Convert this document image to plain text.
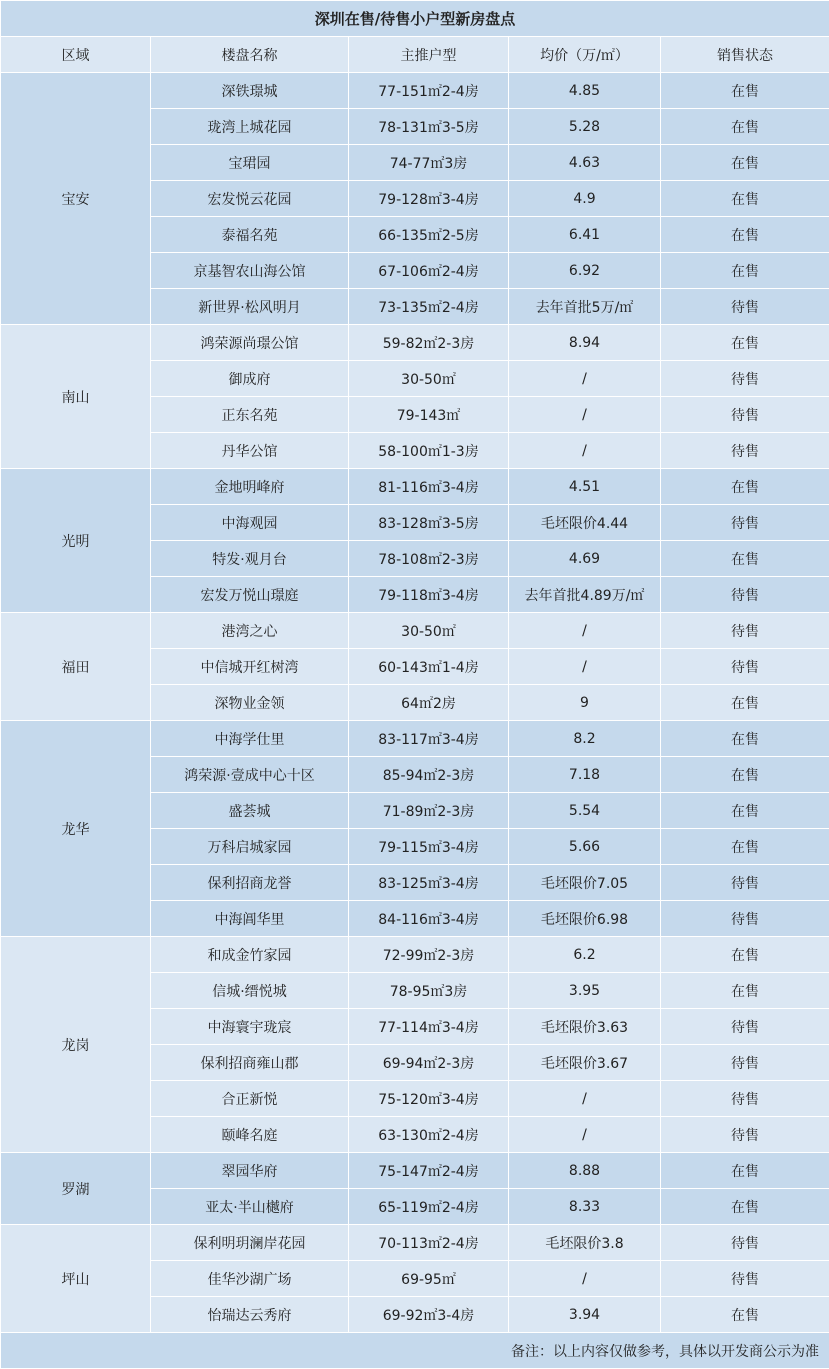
深圳在售/待售小户型新房盘点				
区域	楼盘名称	主推户型	均价（万/㎡）	销售状态
宝安	深铁璟城	77-151㎡2-4房	4.85	在售
	珑湾上城花园	78-131㎡3-5房	5.28	在售
	宝珺园	74-77㎡3房	4.63	在售
	宏发悦云花园	79-128㎡3-4房	4.9	在售
	泰福名苑	66-135㎡2-5房	6.41	在售
	京基智农山海公馆	67-106㎡2-4房	6.92	在售
	新世界·松风明月	73-135㎡2-4房	去年首批5万/㎡	待售
南山	鸿荣源尚璟公馆	59-82㎡2-3房	8.94	在售
	御成府	30-50㎡	/	待售
	正东名苑	79-143㎡	/	待售
	丹华公馆	58-100㎡1-3房	/	待售
光明	金地明峰府	81-116㎡3-4房	4.51	在售
	中海观园	83-128㎡3-5房	毛坯限价4.44	待售
	特发·观月台	78-108㎡2-3房	4.69	在售
	宏发万悦山璟庭	79-118㎡3-4房	去年首批4.89万/㎡	待售
福田	港湾之心	30-50㎡	/	待售
	中信城开红树湾	60-143㎡1-4房	/	待售
	深物业金领	64㎡2房	9	在售
龙华	中海学仕里	83-117㎡3-4房	8.2	在售
	鸿荣源·壹成中心十区	85-94㎡2-3房	7.18	在售
	盛荟城	71-89㎡2-3房	5.54	在售
	万科启城家园	79-115㎡3-4房	5.66	在售
	保利招商龙誉	83-125㎡3-4房	毛坯限价7.05	待售
	中海阊华里	84-116㎡3-4房	毛坯限价6.98	待售
龙岗	和成金竹家园	72-99㎡2-3房	6.2	在售
	信城·缙悦城	78-95㎡3房	3.95	在售
	中海寰宇珑宸	77-114㎡3-4房	毛坯限价3.63	待售
	保利招商雍山郡	69-94㎡2-3房	毛坯限价3.67	待售
	合正新悦	75-120㎡3-4房	/	待售
	颐峰名庭	63-130㎡2-4房	/	待售
罗湖	翠园华府	75-147㎡2-4房	8.88	在售
	亚太·半山樾府	65-119㎡2-4房	8.33	在售
坪山	保利明玥澜岸花园	70-113㎡2-4房	毛坯限价3.8	待售
	佳华沙湖广场	69-95㎡	/	待售
	怡瑞达云秀府	69-92㎡3-4房	3.94	在售
备注：以上内容仅做参考，具体以开发商公示为准				
